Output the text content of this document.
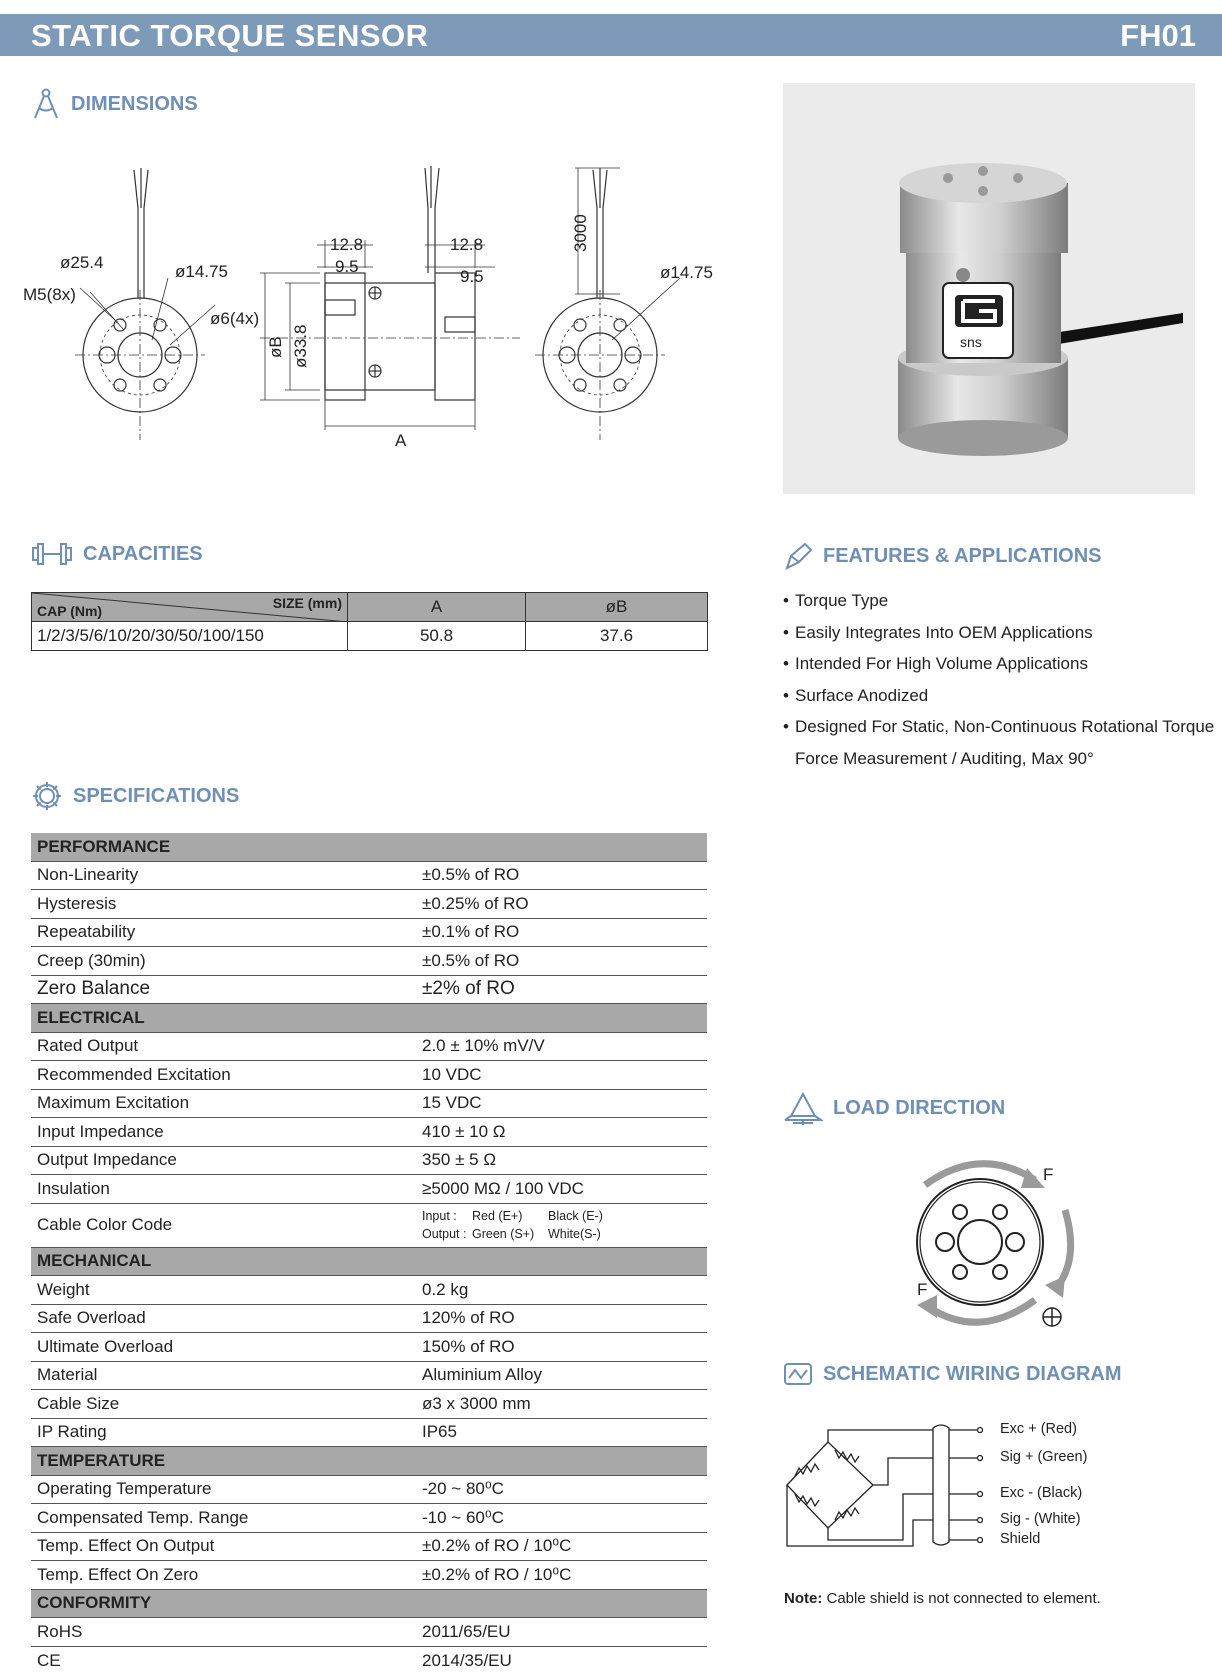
STATIC TORQUE SENSOR	FH01
DIMENSIONS
ø25.4	ø14.75
M5(8x)
ø6(4x)
12.8
9.5
12.8
9.5
3000
ø14.75
øB ø33.8
A
sns
CAPACITIES
SIZE (mm)
CAP (Nm)	A	øB
1/2/3/5/6/10/20/30/50/100/150	50.8	37.6
FEATURES & APPLICATIONS
• Torque Type
• Easily Integrates Into OEM Applications
• Intended For High Volume Applications
• Surface Anodized
• Designed For Static, Non-Continuous Rotational Torque
Force Measurement / Auditing, Max 90°
SPECIFICATIONS
PERFORMANCE
Non-Linearity	±0.5% of RO
Hysteresis	±0.25% of RO
Repeatability	±0.1% of RO
Creep (30min)	±0.5% of RO
Zero Balance	±2% of RO
ELECTRICAL
Rated Output	2.0 ± 10% mV/V
Recommended Excitation	10 VDC
Maximum Excitation	15 VDC
Input Impedance	410 ± 10 Ω
Output Impedance	350 ± 5 Ω
Insulation	≥5000 MΩ / 100 VDC
Cable Color Code	Input : Red (E+) Black (E-)
Output : Green (S+) White(S-)
MECHANICAL
Weight	0.2 kg
Safe Overload	120% of RO
Ultimate Overload	150% of RO
Material	Aluminium Alloy
Cable Size	ø3 x 3000 mm
IP Rating	IP65
TEMPERATURE
Operating Temperature	-20 ~ 80⁰C
Compensated Temp. Range	-10 ~ 60⁰C
Temp. Effect On Output	±0.2% of RO / 10⁰C
Temp. Effect On Zero	±0.2% of RO / 10⁰C
CONFORMITY
RoHS	2011/65/EU
CE	2014/35/EU
LOAD DIRECTION
F
F
SCHEMATIC WIRING DIAGRAM
Exc + (Red)
Sig + (Green)
Exc - (Black)
Sig - (White)
Shield
Note: Cable shield is not connected to element.
